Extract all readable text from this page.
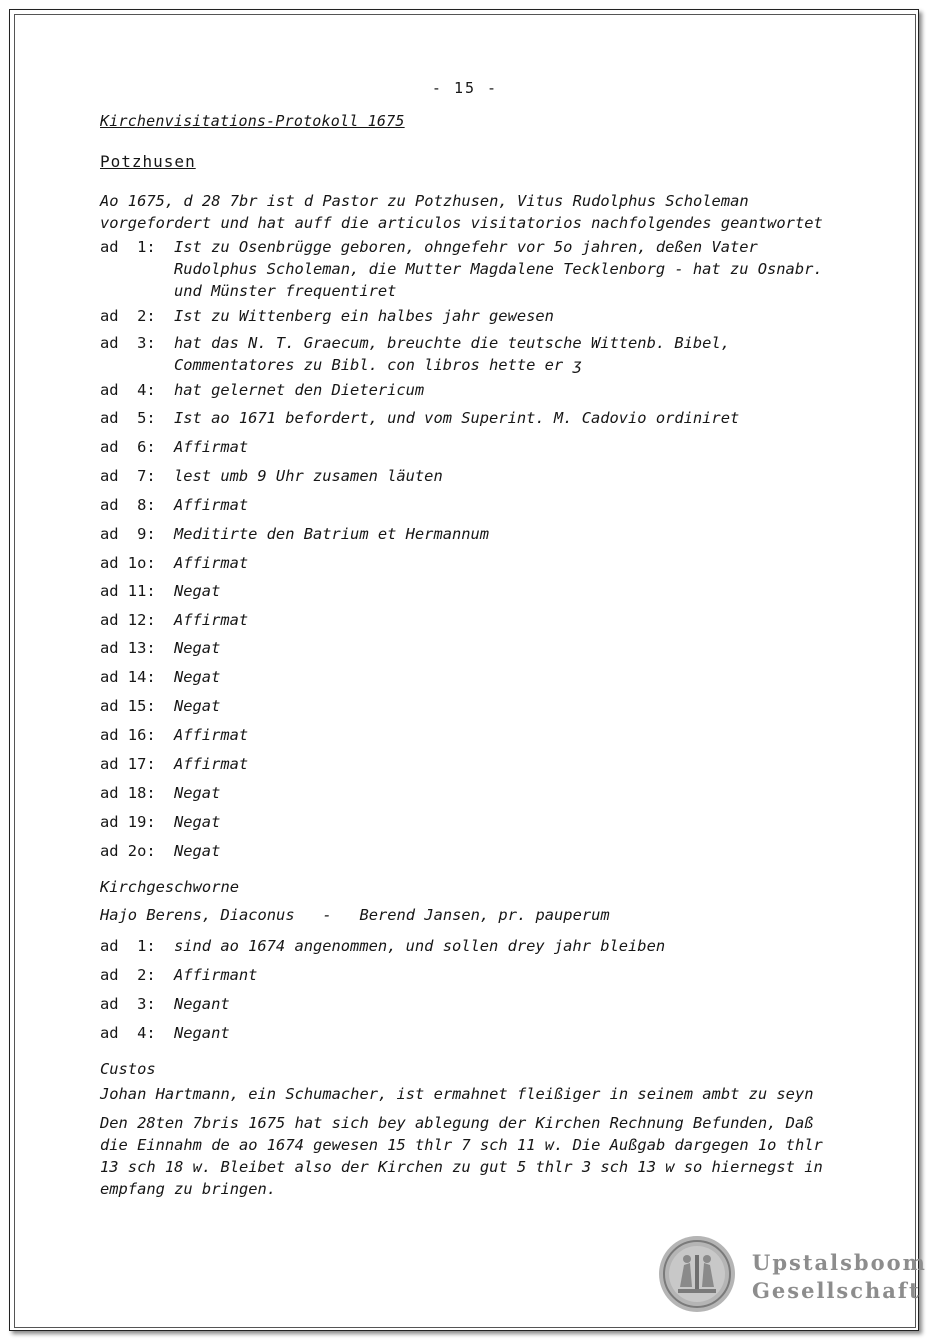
- 15 -
Kirchenvisitations-Protokoll 1675
Potzhusen
Ao 1675, d 28 7br ist d Pastor zu Potzhusen, Vitus Rudolphus Scholeman vorgefordert und hat auff die articulos visitatorios nachfolgendes geantwortet
ad  1:	Ist zu Osenbrügge geboren, ohngefehr vor 5o jahren, deßen Vater Rudolphus Scholeman, die Mutter Magdalene Tecklenborg - hat zu Osnabr. und Münster frequentiret
ad  2:	Ist zu Wittenberg ein halbes jahr gewesen
ad  3:	hat das N. T. Graecum, breuchte die teutsche Wittenb. Bibel, Commentatores zu Bibl. con libros hette er ʒ
ad  4:	hat gelernet den Dietericum
ad  5:	Ist ao 1671 befordert, und vom Superint. M. Cadovio ordiniret
ad  6:	Affirmat
ad  7:	lest umb 9 Uhr zusamen läuten
ad  8:	Affirmat
ad  9:	Meditirte den Batrium et Hermannum
ad 1o:	Affirmat
ad 11:	Negat
ad 12:	Affirmat
ad 13:	Negat
ad 14:	Negat
ad 15:	Negat
ad 16:	Affirmat
ad 17:	Affirmat
ad 18:	Negat
ad 19:	Negat
ad 2o:	Negat
Kirchgeschworne
Hajo Berens, Diaconus   -   Berend Jansen, pr. pauperum
ad  1:	sind ao 1674 angenommen, und sollen drey jahr bleiben
ad  2:	Affirmant
ad  3:	Negant
ad  4:	Negant
Custos
Johan Hartmann, ein Schumacher, ist ermahnet fleißiger in seinem ambt zu seyn
Den 28ten 7bris 1675 hat sich bey ablegung der Kirchen Rechnung Befunden, Daß die Einnahm de ao 1674 gewesen 15 thlr 7 sch 11 w. Die Außgab dargegen 1o thlr 13 sch 18 w. Bleibet also der Kirchen zu gut 5 thlr 3 sch 13 w so hiernegst in empfang zu bringen.
Upstalsboom
Gesellschaft
